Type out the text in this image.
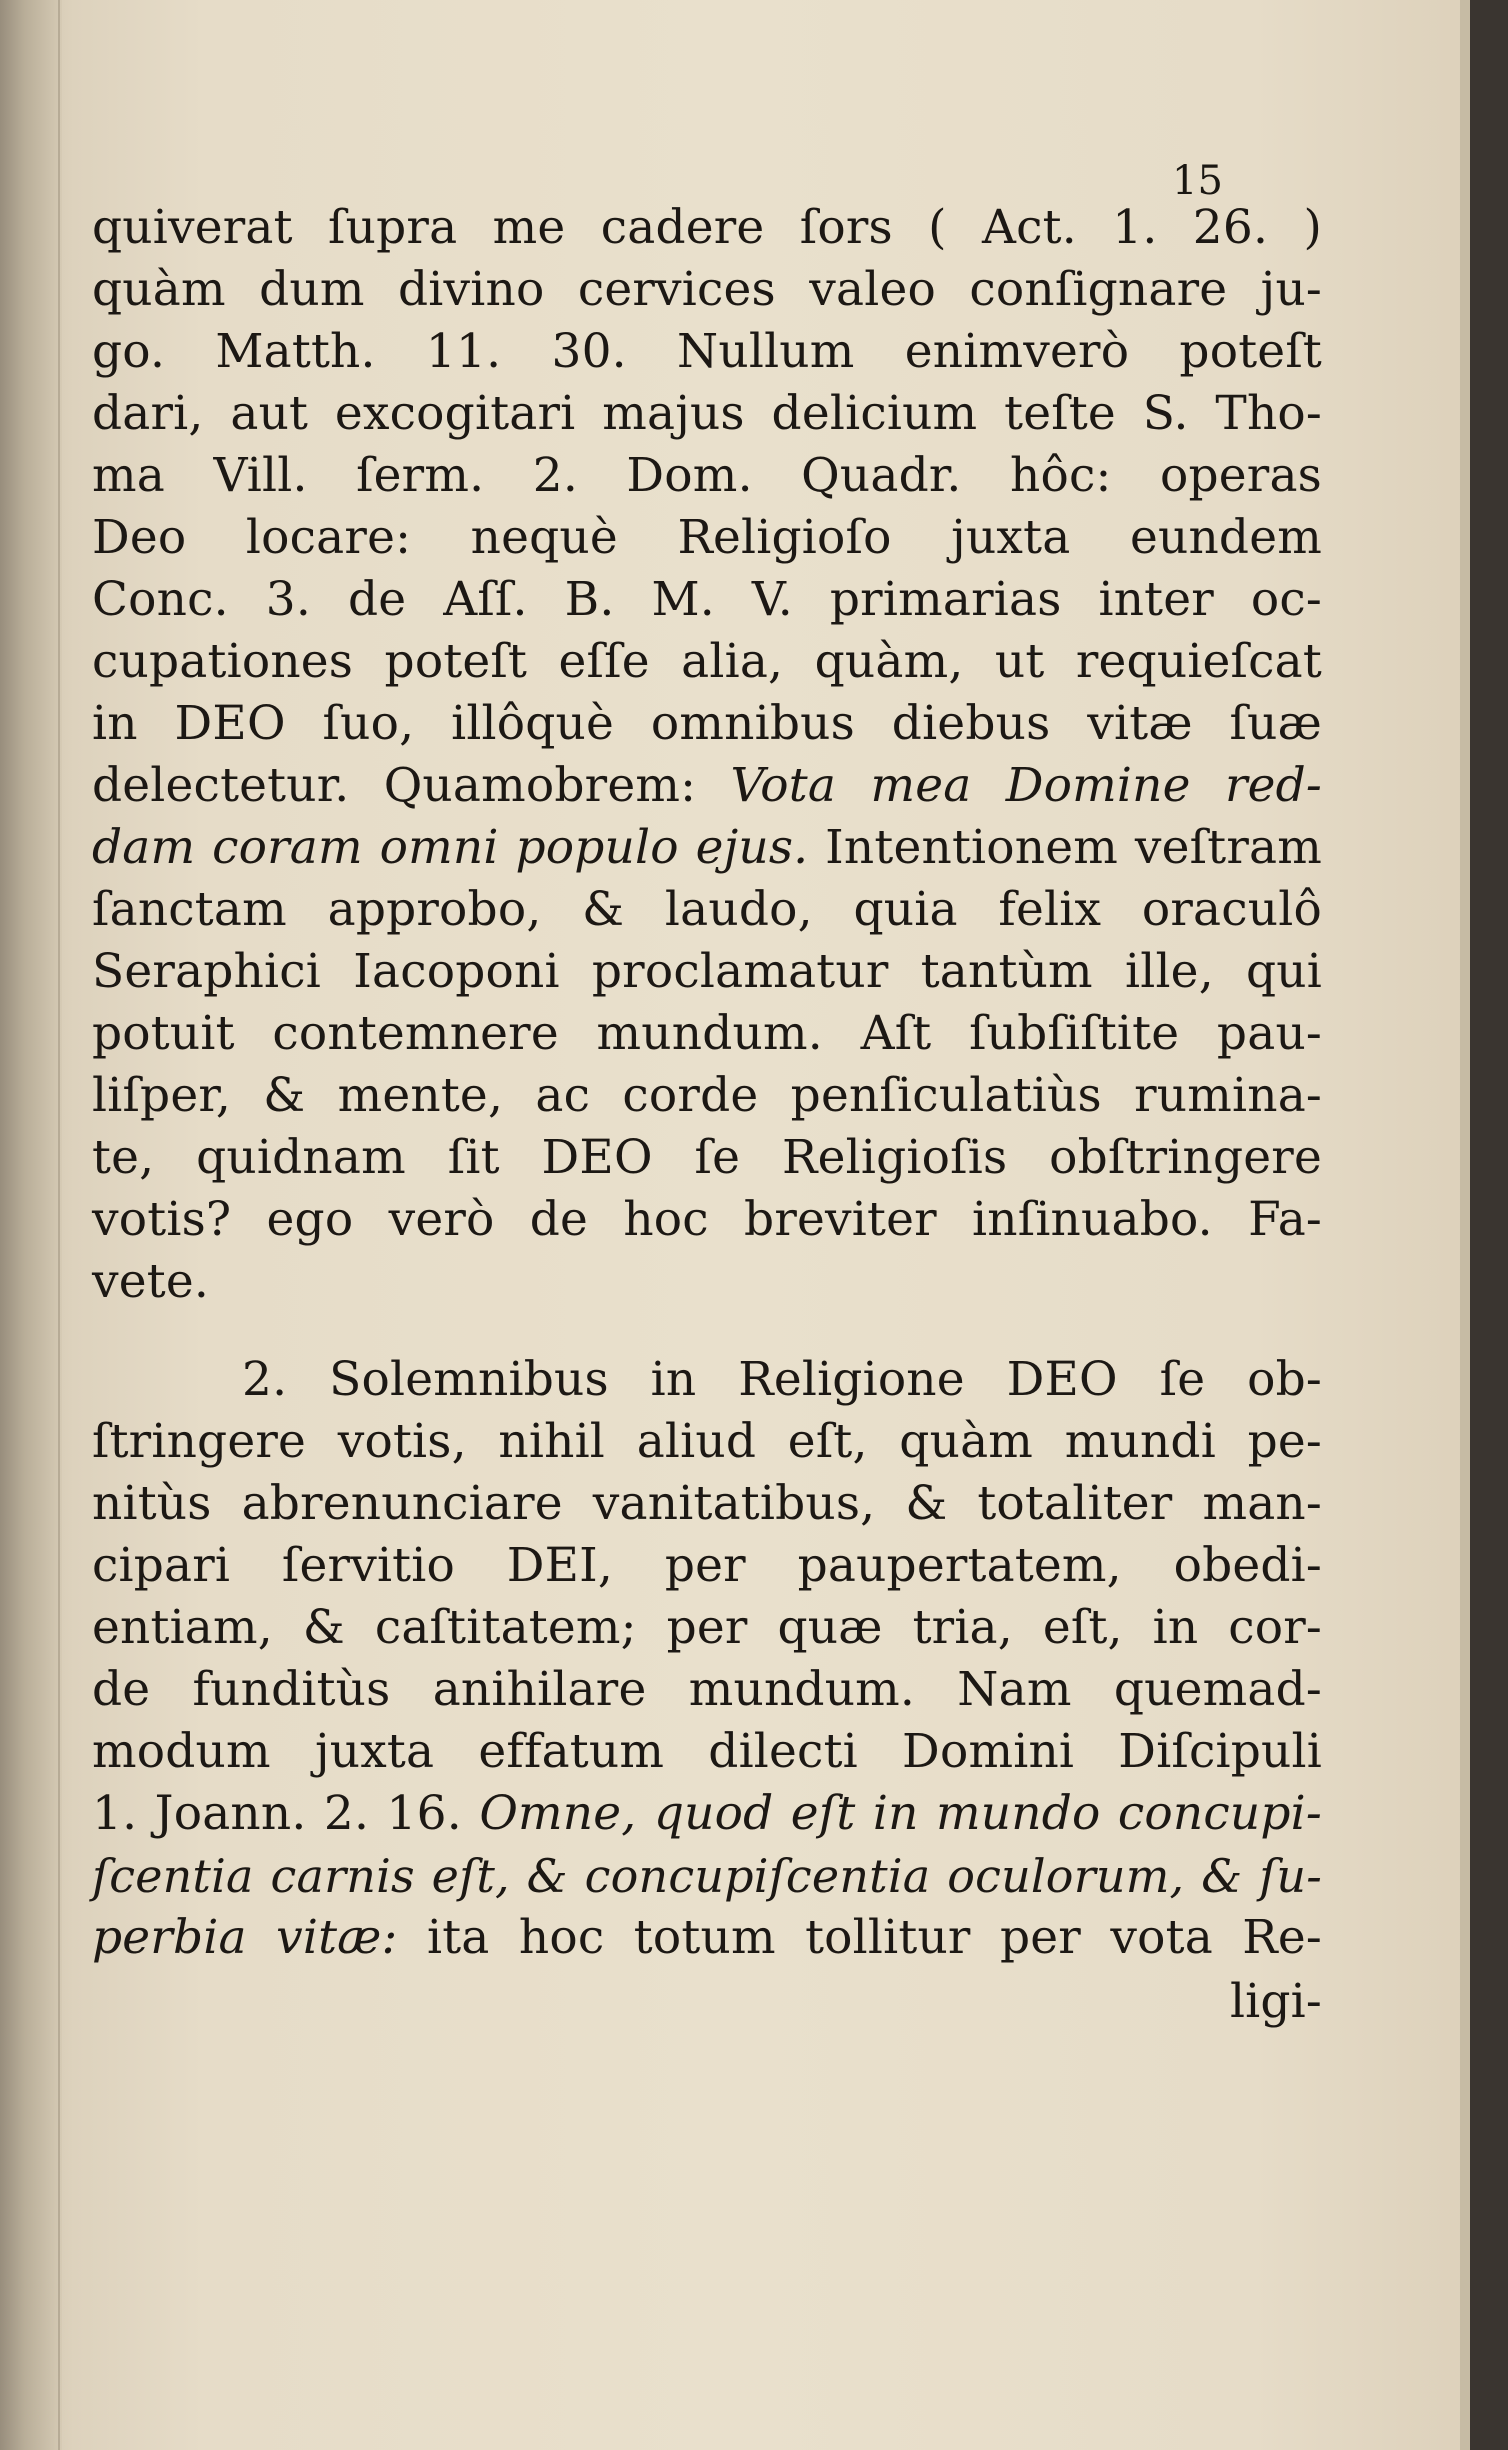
15

quiverat ſupra me cadere ſors ( Act. 1. 26. )
quàm dum divino cervices valeo conſignare ju-
go. Matth. 11. 30. Nullum enimverò poteſt
dari, aut excogitari majus delicium teſte S. Tho-
ma Vill. ſerm. 2. Dom. Quadr. hôc: operas
Deo locare: nequè Religioſo juxta eundem
Conc. 3. de Aſſ. B. M. V. primarias inter oc-
cupationes poteſt eſſe alia, quàm, ut requieſcat
in DEO ſuo, illôquè omnibus diebus vitæ ſuæ
delectetur. Quamobrem: Vota mea Domine red-
dam coram omni populo ejus. Intentionem veſtram
ſanctam approbo, & laudo, quia felix oraculô
Seraphici Iacoponi proclamatur tantùm ille, qui
potuit contemnere mundum. Aſt ſubſiſtite pau-
liſper, & mente, ac corde penſiculatiùs rumina-
te, quidnam ſit DEO ſe Religioſis obſtringere
votis? ego verò de hoc breviter inſinuabo. Fa-
vete.
2. Solemnibus in Religione DEO ſe ob-
ſtringere votis, nihil aliud eſt, quàm mundi pe-
nitùs abrenunciare vanitatibus, & totaliter man-
cipari ſervitio DEI, per paupertatem, obedi-
entiam, & caſtitatem; per quæ tria, eſt, in cor-
de funditùs anihilare mundum. Nam quemad-
modum juxta effatum dilecti Domini Diſcipuli
1. Joann. 2. 16. Omne, quod eſt in mundo concupi-
ſcentia carnis eſt, & concupiſcentia oculorum, & ſu-
perbia vitæ: ita hoc totum tollitur per vota Re-
ligi-
